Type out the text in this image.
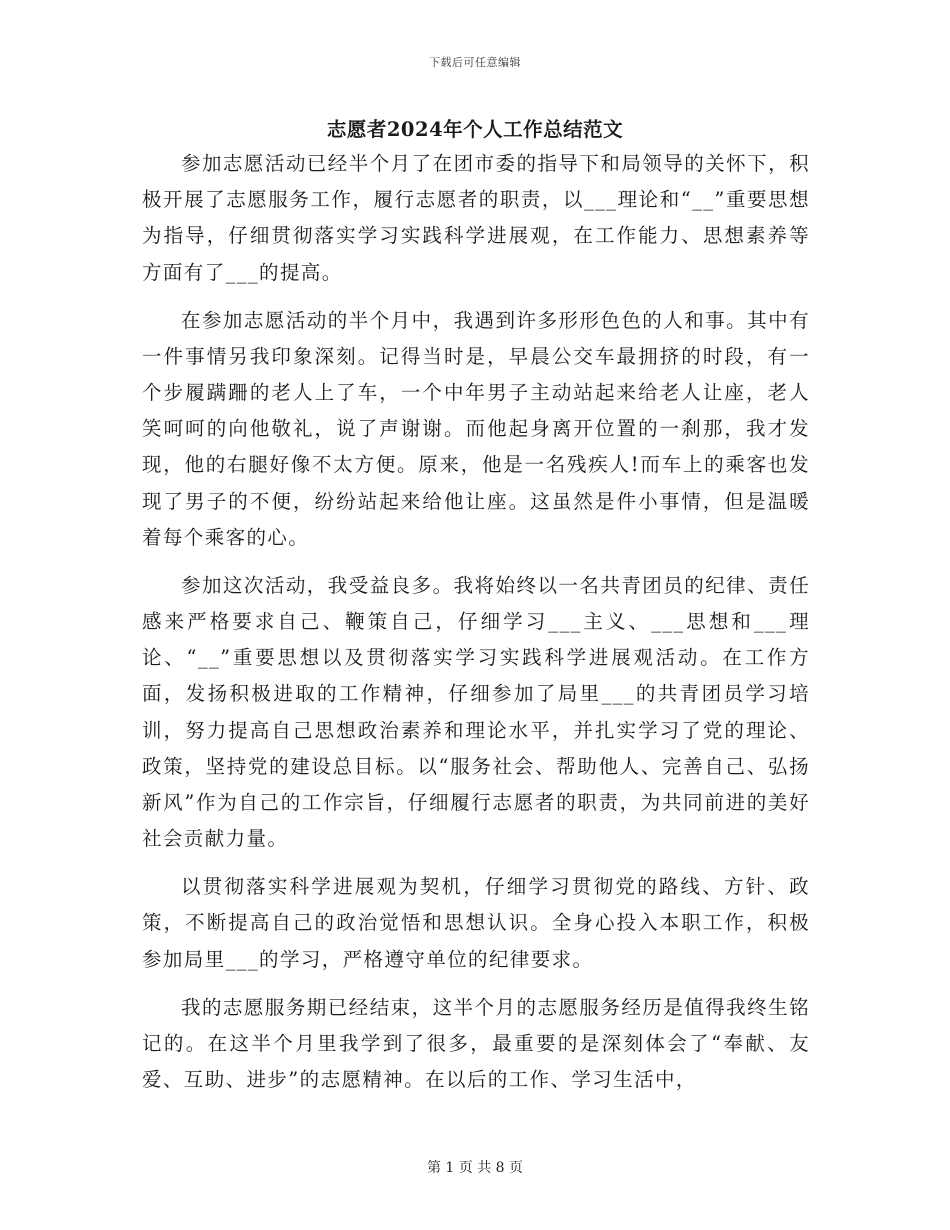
下载后可任意编辑
志愿者2024年个人工作总结范文

参加志愿活动已经半个月了在团市委的指导下和局领导的关怀下，积极开展了志愿服务工作，履行志愿者的职责，以___理论和“__”重要思想为指导，仔细贯彻落实学习实践科学进展观，在工作能力、思想素养等方面有了___的提高。

在参加志愿活动的半个月中，我遇到许多形形色色的人和事。其中有一件事情另我印象深刻。记得当时是，早晨公交车最拥挤的时段，有一个步履蹒跚的老人上了车，一个中年男子主动站起来给老人让座，老人笑呵呵的向他敬礼，说了声谢谢。而他起身离开位置的一刹那，我才发现，他的右腿好像不太方便。原来，他是一名残疾人!而车上的乘客也发现了男子的不便，纷纷站起来给他让座。这虽然是件小事情，但是温暖着每个乘客的心。

参加这次活动，我受益良多。我将始终以一名共青团员的纪律、责任感来严格要求自己、鞭策自己，仔细学习___主义、___思想和___理论、“__”重要思想以及贯彻落实学习实践科学进展观活动。在工作方面，发扬积极进取的工作精神，仔细参加了局里___的共青团员学习培训，努力提高自己思想政治素养和理论水平，并扎实学习了党的理论、政策，坚持党的建设总目标。以“服务社会、帮助他人、完善自己、弘扬新风”作为自己的工作宗旨，仔细履行志愿者的职责，为共同前进的美好社会贡献力量。

以贯彻落实科学进展观为契机，仔细学习贯彻党的路线、方针、政策，不断提高自己的政治觉悟和思想认识。全身心投入本职工作，积极参加局里___的学习，严格遵守单位的纪律要求。

我的志愿服务期已经结束，这半个月的志愿服务经历是值得我终生铭记的。在这半个月里我学到了很多，最重要的是深刻体会了“奉献、友爱、互助、进步”的志愿精神。在以后的工作、学习生活中，

第 1 页 共 8 页
